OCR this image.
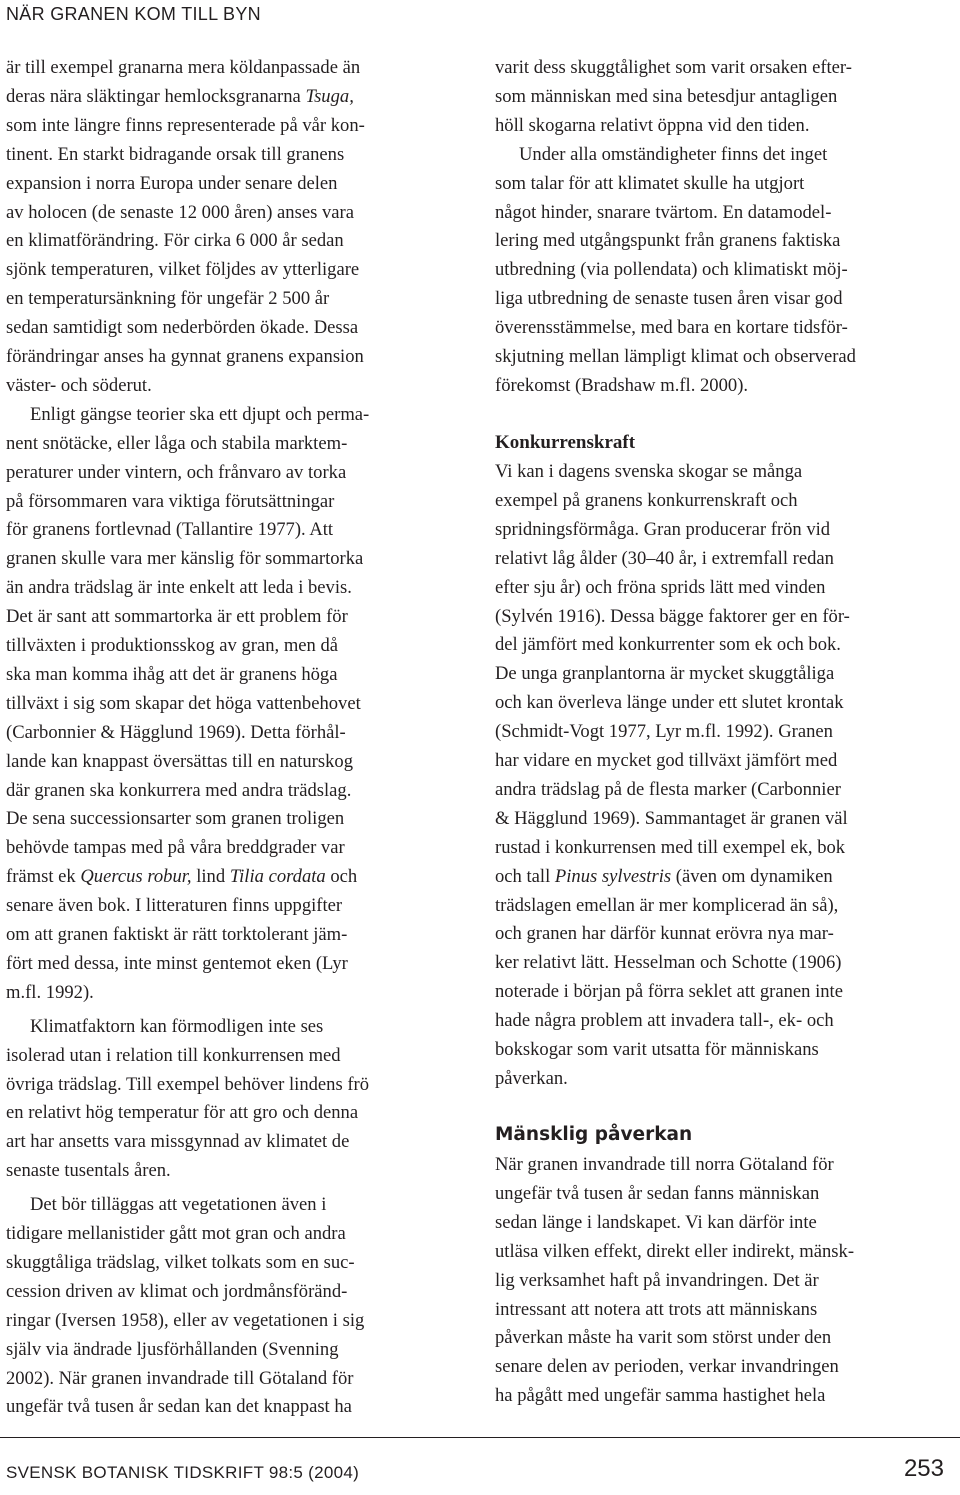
NÄR GRANEN KOM TILL BYN
är till exempel granarna mera köldanpassade än
deras nära släktingar hemlocksgranarna Tsuga,
som inte längre finns representerade på vår kon-
tinent. En starkt bidragande orsak till granens
expansion i norra Europa under senare delen
av holocen (de senaste 12 000 åren) anses vara
en klimatförändring. För cirka 6 000 år sedan
sjönk temperaturen, vilket följdes av ytterligare
en temperatursänkning för ungefär 2 500 år
sedan samtidigt som nederbörden ökade. Dessa
förändringar anses ha gynnat granens expansion
väster- och söderut.
Enligt gängse teorier ska ett djupt och perma-
nent snötäcke, eller låga och stabila marktem-
peraturer under vintern, och frånvaro av torka
på försommaren vara viktiga förutsättningar
för granens fortlevnad (Tallantire 1977). Att
granen skulle vara mer känslig för sommartorka
än andra trädslag är inte enkelt att leda i bevis.
Det är sant att sommartorka är ett problem för
tillväxten i produktionsskog av gran, men då
ska man komma ihåg att det är granens höga
tillväxt i sig som skapar det höga vattenbehovet
(Carbonnier & Hägglund 1969). Detta förhål-
lande kan knappast översättas till en naturskog
där granen ska konkurrera med andra trädslag.
De sena successionsarter som granen troligen
behövde tampas med på våra breddgrader var
främst ek Quercus robur, lind Tilia cordata och
senare även bok. I litteraturen finns uppgifter
om att granen faktiskt är rätt torktolerant jäm-
fört med dessa, inte minst gentemot eken (Lyr
m.fl. 1992).
Klimatfaktorn kan förmodligen inte ses
isolerad utan i relation till konkurrensen med
övriga trädslag. Till exempel behöver lindens frö
en relativt hög temperatur för att gro och denna
art har ansetts vara missgynnad av klimatet de
senaste tusentals åren.
Det bör tilläggas att vegetationen även i
tidigare mellanistider gått mot gran och andra
skuggtåliga trädslag, vilket tolkats som en suc-
cession driven av klimat och jordmånsföränd-
ringar (Iversen 1958), eller av vegetationen i sig
själv via ändrade ljusförhållanden (Svenning
2002). När granen invandrade till Götaland för
ungefär två tusen år sedan kan det knappast ha
varit dess skuggtålighet som varit orsaken efter-
som människan med sina betesdjur antagligen
höll skogarna relativt öppna vid den tiden.
Under alla omständigheter finns det inget
som talar för att klimatet skulle ha utgjort
något hinder, snarare tvärtom. En datamodel-
lering med utgångspunkt från granens faktiska
utbredning (via pollendata) och klimatiskt möj-
liga utbredning de senaste tusen åren visar god
överensstämmelse, med bara en kortare tidsför-
skjutning mellan lämpligt klimat och observerad
förekomst (Bradshaw m.fl. 2000).
Konkurrenskraft
Vi kan i dagens svenska skogar se många
exempel på granens konkurrenskraft och
spridningsförmåga. Gran producerar frön vid
relativt låg ålder (30–40 år, i extremfall redan
efter sju år) och fröna sprids lätt med vinden
(Sylvén 1916). Dessa bägge faktorer ger en för-
del jämfört med konkurrenter som ek och bok.
De unga granplantorna är mycket skuggtåliga
och kan överleva länge under ett slutet krontak
(Schmidt-Vogt 1977, Lyr m.fl. 1992). Granen
har vidare en mycket god tillväxt jämfört med
andra trädslag på de flesta marker (Carbonnier
& Hägglund 1969). Sammantaget är granen väl
rustad i konkurrensen med till exempel ek, bok
och tall Pinus sylvestris (även om dynamiken
trädslagen emellan är mer komplicerad än så),
och granen har därför kunnat erövra nya mar-
ker relativt lätt. Hesselman och Schotte (1906)
noterade i början på förra seklet att granen inte
hade några problem att invadera tall-, ek- och
bokskogar som varit utsatta för människans
påverkan.
Mänsklig påverkan
När granen invandrade till norra Götaland för
ungefär två tusen år sedan fanns människan
sedan länge i landskapet. Vi kan därför inte
utläsa vilken effekt, direkt eller indirekt, mänsk-
lig verksamhet haft på invandringen. Det är
intressant att notera att trots att människans
påverkan måste ha varit som störst under den
senare delen av perioden, verkar invandringen
ha pågått med ungefär samma hastighet hela
SVENSK BOTANISK TIDSKRIFT 98:5 (2004)	253
